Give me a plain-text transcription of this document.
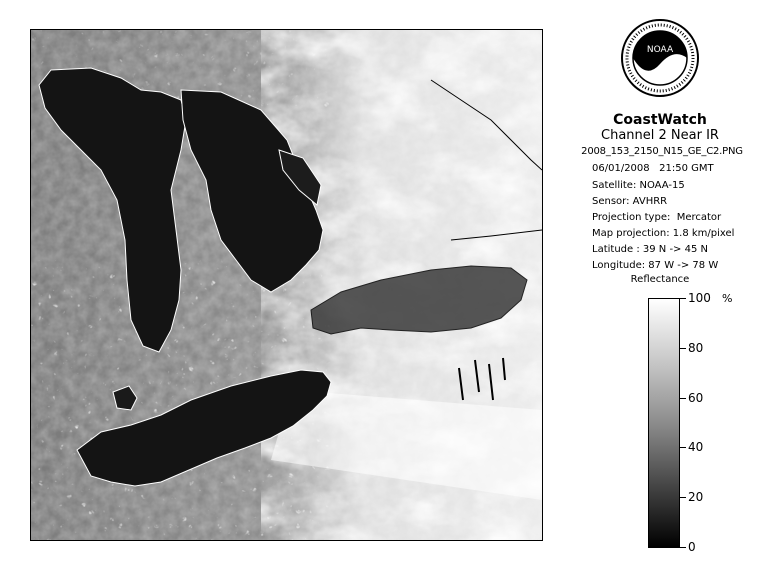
NOAA
CoastWatch
Channel 2 Near IR
2008_153_2150_N15_GE_C2.PNG
06/01/2008   21:50 GMT
Satellite: NOAA-15
Sensor: AVHRR
Projection type:  Mercator
Map projection: 1.8 km/pixel
Latitude : 39 N -> 45 N
Longitude: 87 W -> 78 W
Reflectance
%
100
80
60
40
20
0
